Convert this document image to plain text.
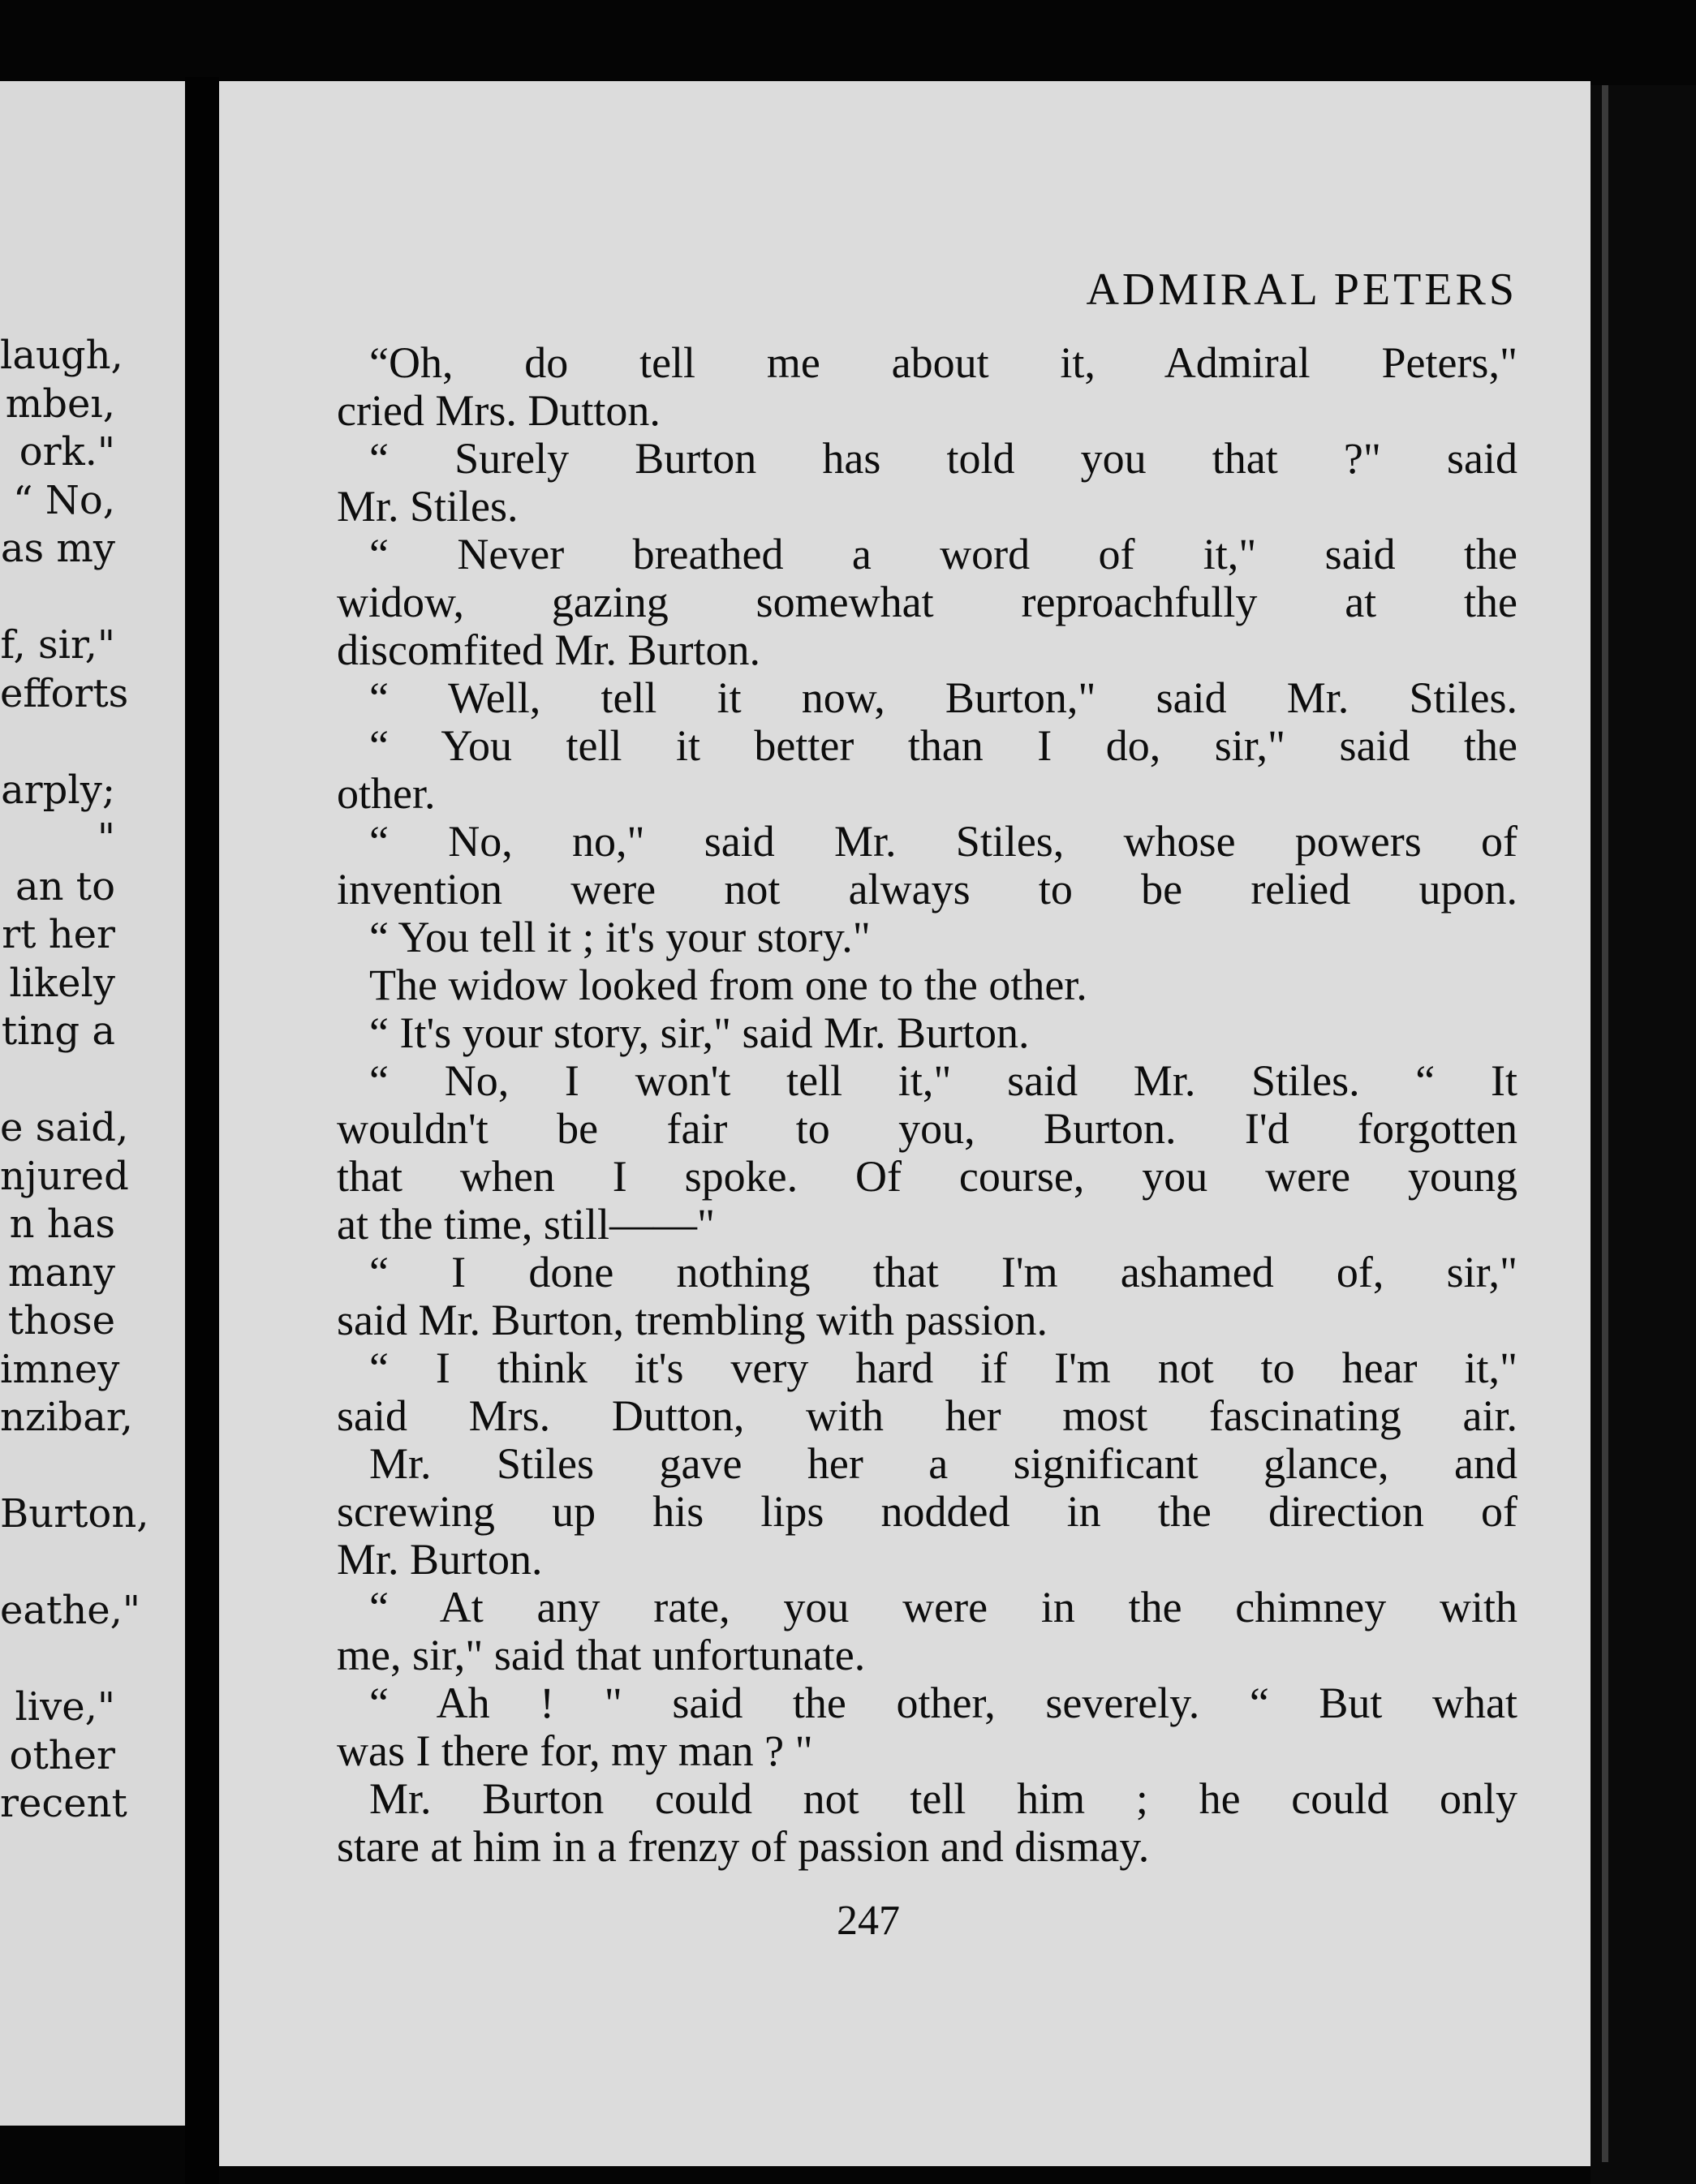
laugh,
mbeı,
ork."
“ No,
as my
f, sir,"
efforts
arply;
"
an to
rt her
likely
ting a
e said,
njured
n has
many
those
imney
nzibar,
Burton,
eathe,"
live,"
other
recent
ADMIRAL PETERS
247
“Oh, do tell me about it, Admiral Peters,"
cried Mrs. Dutton.
“ Surely Burton has told you that ?" said
Mr. Stiles.
“ Never breathed a word of it," said the
widow, gazing somewhat reproachfully at the
discomfited Mr. Burton.
“ Well, tell it now, Burton," said Mr. Stiles.
“ You tell it better than I do, sir," said the
other.
“ No, no," said Mr. Stiles, whose powers of
invention were not always to be relied upon.
“ You tell it ; it's your story."
The widow looked from one to the other.
“ It's your story, sir," said Mr. Burton.
“ No, I won't tell it," said Mr. Stiles. “ It
wouldn't be fair to you, Burton. I'd forgotten
that when I spoke. Of course, you were young
at the time, still——"
“ I done nothing that I'm ashamed of, sir,"
said Mr. Burton, trembling with passion.
“ I think it's very hard if I'm not to hear it,"
said Mrs. Dutton, with her most fascinating air.
Mr. Stiles gave her a significant glance, and
screwing up his lips nodded in the direction of
Mr. Burton.
“ At any rate, you were in the chimney with
me, sir," said that unfortunate.
“ Ah ! " said the other, severely. “ But what
was I there for, my man ? "
Mr. Burton could not tell him ; he could only
stare at him in a frenzy of passion and dismay.
